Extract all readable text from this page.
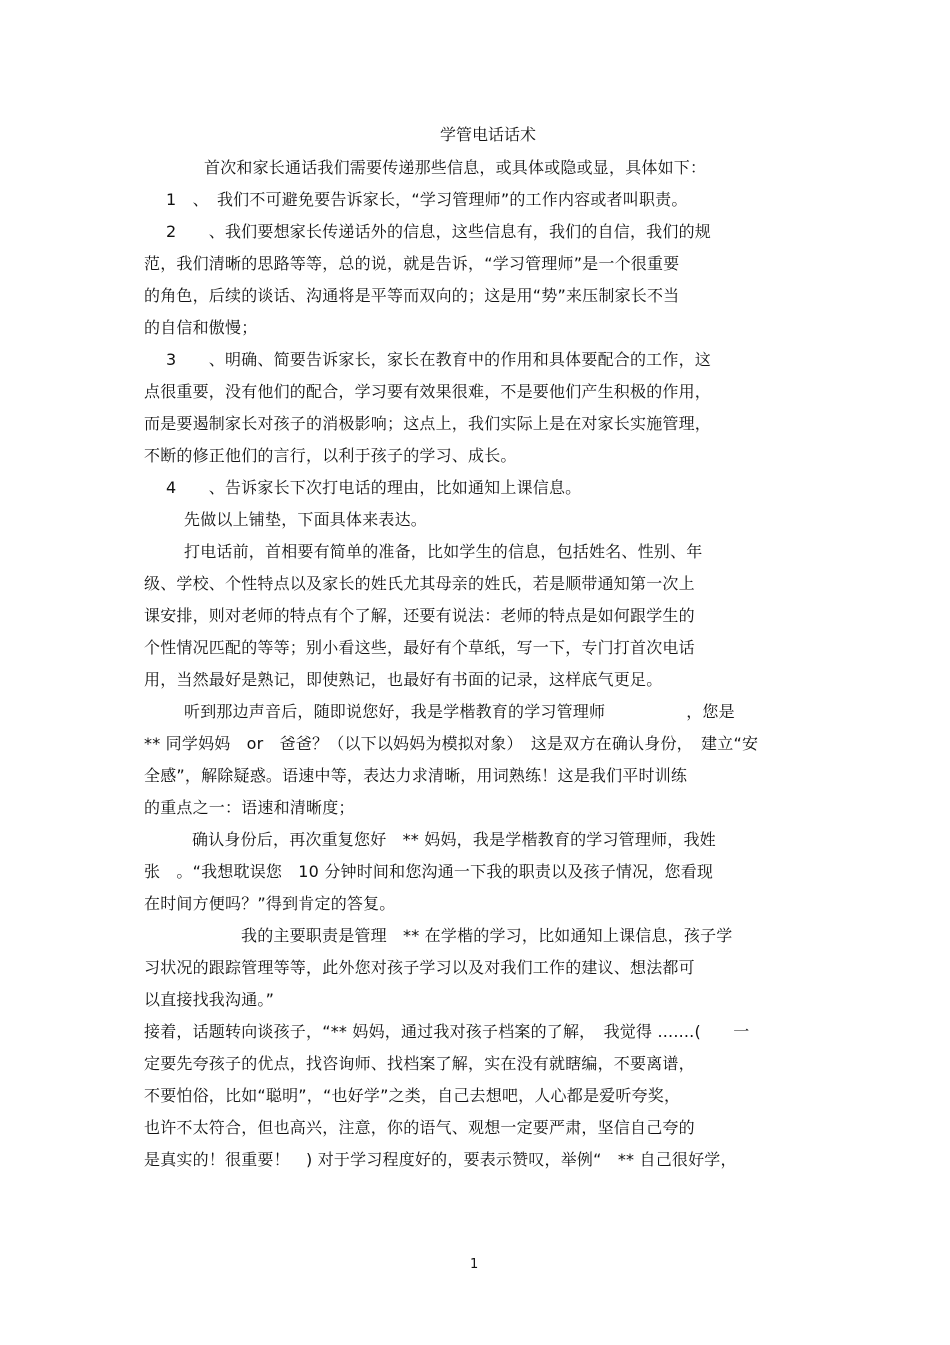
学管电话话术
首次和家长通话我们需要传递那些信息，或具体或隐或显，具体如下：
1　、　我们不可避免要告诉家长，“学习管理师”的工作内容或者叫职责。
2　　、我们要想家长传递话外的信息，这些信息有，我们的自信，我们的规
范，我们清晰的思路等等，总的说，就是告诉，“学习管理师”是一个很重要
的角色，后续的谈话、沟通将是平等而双向的；这是用“势”来压制家长不当
的自信和傲慢；
3　　、明确、简要告诉家长，家长在教育中的作用和具体要配合的工作，这
点很重要，没有他们的配合，学习要有效果很难，不是要他们产生积极的作用，
而是要遏制家长对孩子的消极影响；这点上，我们实际上是在对家长实施管理，
不断的修正他们的言行，以利于孩子的学习、成长。
4　　、告诉家长下次打电话的理由，比如通知上课信息。
先做以上铺垫，下面具体来表达。
打电话前，首相要有简单的准备，比如学生的信息，包括姓名、性别、年
级、学校、个性特点以及家长的姓氏尤其母亲的姓氏，若是顺带通知第一次上
课安排，则对老师的特点有个了解，还要有说法：老师的特点是如何跟学生的
个性情况匹配的等等；别小看这些，最好有个草纸，写一下，专门打首次电话
用，当然最好是熟记，即使熟记，也最好有书面的记录，这样底气更足。
听到那边声音后，随即说您好，我是学楷教育的学习管理师　　　　　，您是
** 同学妈妈　or　爸爸？（以下以妈妈为模拟对象）　这是双方在确认身份，　建立“安
全感”，解除疑惑。语速中等，表达力求清晰，用词熟练！这是我们平时训练
的重点之一：语速和清晰度；
确认身份后，再次重复您好　** 妈妈，我是学楷教育的学习管理师，我姓
张　。“我想耽误您　10 分钟时间和您沟通一下我的职责以及孩子情况，您看现
在时间方便吗？”得到肯定的答复。
我的主要职责是管理　** 在学楷的学习，比如通知上课信息，孩子学
习状况的跟踪管理等等，此外您对孩子学习以及对我们工作的建议、想法都可
以直接找我沟通。”
接着，话题转向谈孩子，“** 妈妈，通过我对孩子档案的了解，　我觉得 .......(　　一
定要先夸孩子的优点，找咨询师、找档案了解，实在没有就瞎编，不要离谱，
不要怕俗，比如“聪明”，“也好学”之类，自己去想吧，人心都是爱听夸奖，
也许不太符合，但也高兴，注意，你的语气、观想一定要严肃，坚信自己夸的
是真实的！很重要！　) 对于学习程度好的，要表示赞叹，举例“　** 自己很好学，
1
